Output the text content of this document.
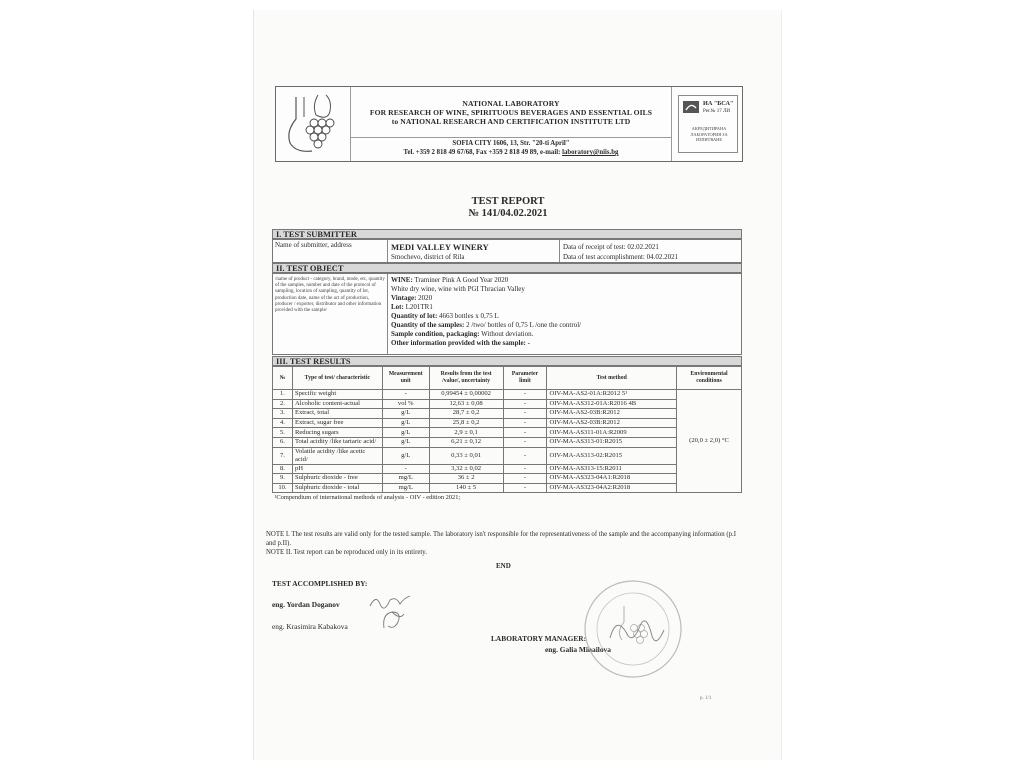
NATIONAL LABORATORY
FOR RESEARCH OF WINE, SPIRITUOUS BEVERAGES AND ESSENTIAL OILS
to NATIONAL RESEARCH AND CERTIFICATION INSTITUTE LTD
SOFIA CITY 1606, 13, Str. "20-ti April"
Tel. +359 2 818 49 67/68, Fax +359 2 818 49 89, e-mail: laboratory@niis.bg
ИА "БСА"
Рег.№ 17 ЛИ
АКРЕДИТИРАНА ЛАБОРАТОРИЯ ЗА ИЗПИТВАНЕ
TEST REPORT
№ 141/04.02.2021
I. TEST SUBMITTER
Name of submitter, address	MEDI VALLEY WINERY
Smochevo, district of Rila
Data of receipt of test: 02.02.2021
Data of test accomplishment: 04.02.2021
II. TEST OBJECT
/name of product - category, brand, mode, etc, quantity of the samples, number and date of the protocol of sampling, location of sampling, quantity of lot, production date, name of the act of production, producer / exporter, distributor and other information provided with the sample/
WINE: Traminer Pink A Good Year 2020
White dry wine, wine with PGI Thracian Valley
Vintage: 2020
Lot: L201TR1
Quantity of lot: 4663 bottles x 0,75 L
Quantity of the samples: 2 /two/ bottles of 0,75 L /one the control/
Sample condition, packaging: Without deviation.
Other information provided with the sample: -
III. TEST RESULTS
№	Type of test/ characteristic	Measurement unit	Results from the test /value/, uncertainty	Parameter limit	Test method	Environmental conditions
1.	Specific weight	-	0,99454 ± 0,00002	-	OIV-MA-AS2-01A:R2012 5¹	(20,0 ± 2,0) °C
2.	Alcoholic content-actual	vol %	12,63 ± 0,08	-	OIV-MA-AS312-01A:R2016 4B	
3.	Extract, total	g/L	28,7 ± 0,2	-	OIV-MA-AS2-03B:R2012	
4.	Extract, sugar free	g/L	25,8 ± 0,2	-	OIV-MA-AS2-03B:R2012	
5.	Reducing sugars	g/L	2,9 ± 0,1	-	OIV-MA-AS311-01A:R2009	
6.	Total acidity /like tartaric acid/	g/L	6,21 ± 0,12	-	OIV-MA-AS313-01:R2015	
7.	Volatile acidity /like acetic acid/	g/L	0,33 ± 0,01	-	OIV-MA-AS313-02:R2015	
8.	pH	-	3,32 ± 0,02	-	OIV-MA-AS313-15:R2011	
9.	Sulphuric dioxide - free	mg/L	36 ± 2	-	OIV-MA-AS323-04A1:R2018	
10.	Sulphuric dioxide - total	mg/L	140 ± 5	-	OIV-MA-AS323-04A2:R2018	
¹Compendium of international methods of analysis - OIV - edition 2021;						
NOTE I. The test results are valid only for the tested sample. The laboratory isn't responsible for the representativeness of the sample and the accompanying information (p.I and p.II).
NOTE II. Test report can be reproduced only in its entirety.
END
TEST ACCOMPLISHED BY:
eng. Yordan Doganov
eng. Krasimira Kabakova
LABORATORY MANAGER:
eng. Galia Mihailova
p. 1/1
